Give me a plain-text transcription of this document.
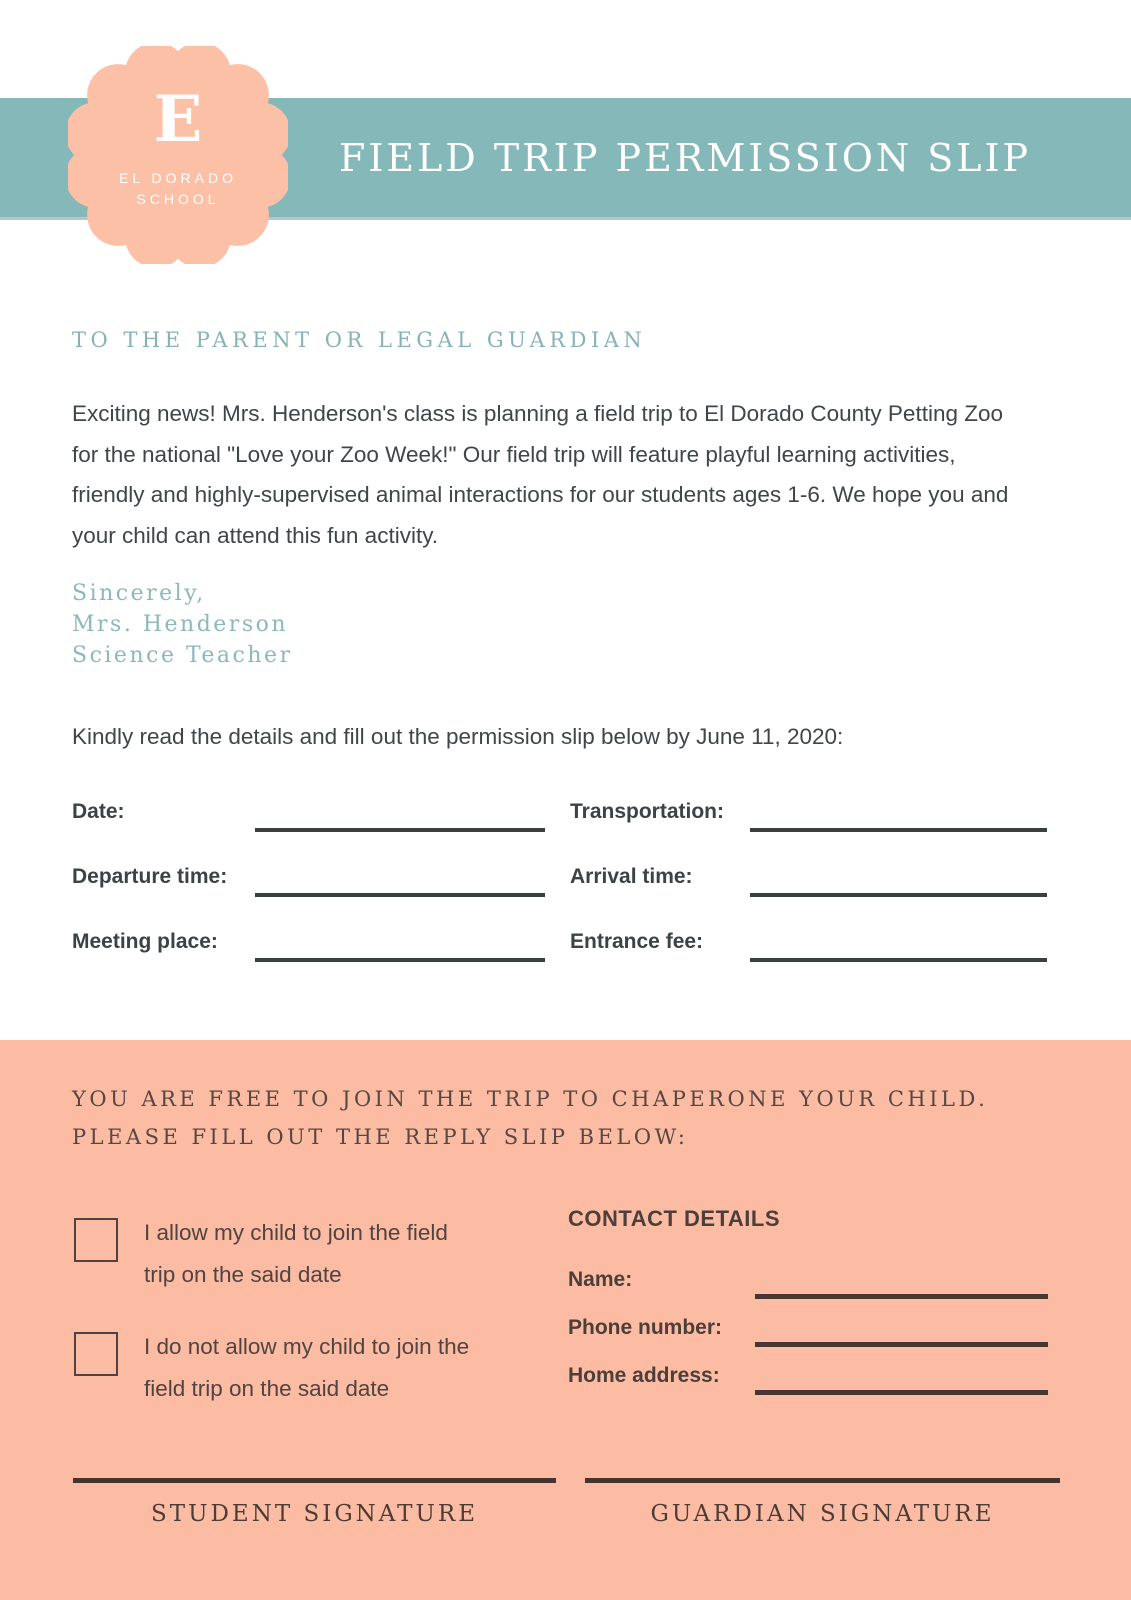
FIELD TRIP PERMISSION SLIP
E
EL DORADO
SCHOOL
TO THE PARENT OR LEGAL GUARDIAN
Exciting news! Mrs. Henderson's class is planning a field trip to El Dorado County Petting Zoo for the national "Love your Zoo Week!" Our field trip will feature playful learning activities, friendly and highly-supervised animal interactions for our students ages 1-6. We hope you and your child can attend this fun activity.
Sincerely,
Mrs. Henderson
Science Teacher
Kindly read the details and fill out the permission slip below by June 11, 2020:
Date:	Transportation:
Departure time:	Arrival time:
Meeting place:	Entrance fee:
YOU ARE FREE TO JOIN THE TRIP TO CHAPERONE YOUR CHILD.
PLEASE FILL OUT THE REPLY SLIP BELOW:
I allow my child to join the field trip on the said date
I do not allow my child to join the field trip on the said date
CONTACT DETAILS
Name:
Phone number:
Home address:
STUDENT SIGNATURE	GUARDIAN SIGNATURE
